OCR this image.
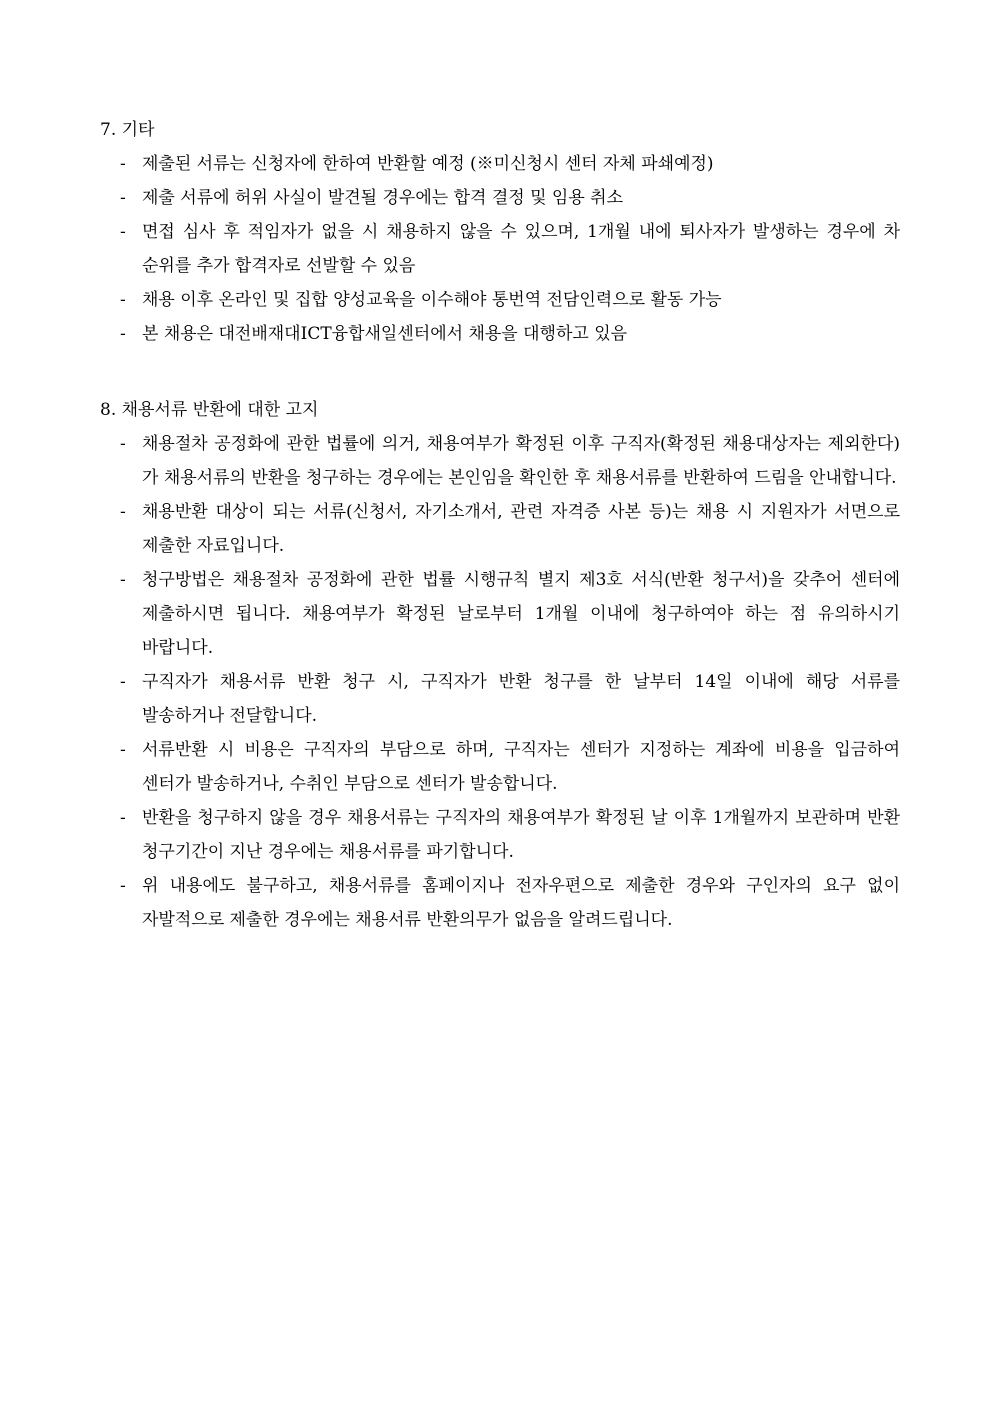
7. 기타
- 제출된 서류는 신청자에 한하여 반환할 예정 (※미신청시 센터 자체 파쇄예정)
- 제출 서류에 허위 사실이 발견될 경우에는 합격 결정 및 임용 취소
- 면접 심사 후 적임자가 없을 시 채용하지 않을 수 있으며, 1개월 내에 퇴사자가 발생하는 경우에 차 순위를 추가 합격자로 선발할 수 있음
- 채용 이후 온라인 및 집합 양성교육을 이수해야 통번역 전담인력으로 활동 가능
- 본 채용은 대전배재대ICT융합새일센터에서 채용을 대행하고 있음
8. 채용서류 반환에 대한 고지
- 채용절차 공정화에 관한 법률에 의거, 채용여부가 확정된 이후 구직자(확정된 채용대상자는 제외한다)가 채용서류의 반환을 청구하는 경우에는 본인임을 확인한 후 채용서류를 반환하여 드림을 안내합니다.
- 채용반환 대상이 되는 서류(신청서, 자기소개서, 관련 자격증 사본 등)는 채용 시 지원자가 서면으로 제출한 자료입니다.
- 청구방법은 채용절차 공정화에 관한 법률 시행규칙 별지 제3호 서식(반환 청구서)을 갖추어 센터에 제출하시면 됩니다. 채용여부가 확정된 날로부터 1개월 이내에 청구하여야 하는 점 유의하시기 바랍니다.
- 구직자가 채용서류 반환 청구 시, 구직자가 반환 청구를 한 날부터 14일 이내에 해당 서류를 발송하거나 전달합니다.
- 서류반환 시 비용은 구직자의 부담으로 하며, 구직자는 센터가 지정하는 계좌에 비용을 입금하여 센터가 발송하거나, 수취인 부담으로 센터가 발송합니다.
- 반환을 청구하지 않을 경우 채용서류는 구직자의 채용여부가 확정된 날 이후 1개월까지 보관하며 반환 청구기간이 지난 경우에는 채용서류를 파기합니다.
- 위 내용에도 불구하고, 채용서류를 홈페이지나 전자우편으로 제출한 경우와 구인자의 요구 없이 자발적으로 제출한 경우에는 채용서류 반환의무가 없음을 알려드립니다.
